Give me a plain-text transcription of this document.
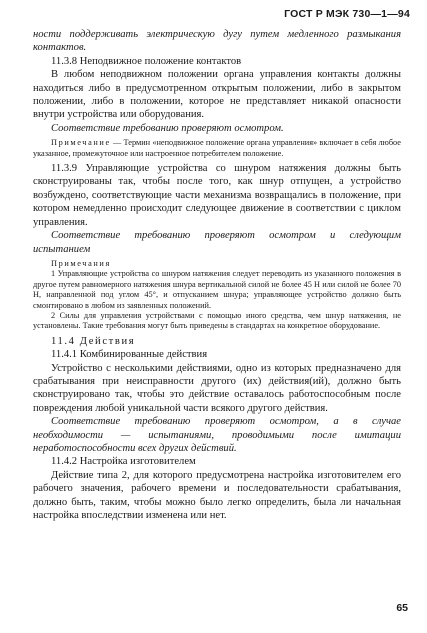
ГОСТ Р МЭК 730—1—94

ности поддерживать электрическую дугу путем медленного размыкания контактов.

11.3.8 Неподвижное положение контактов

В любом неподвижном положении органа управления контакты должны находиться либо в предусмотренном открытым положении, либо в закрытом положении, либо в положении, которое не представляет никакой опасности внутри устройства или оборудования.

Соответствие требованию проверяют осмотром.

Примечание — Термин «неподвижное положение органа управления» включает в себя любое указанное, промежуточное или настроенное потребителем положение.

11.3.9 Управляющие устройства со шнуром натяжения должны быть сконструированы так, чтобы после того, как шнур отпущен, а устройство возбуждено, соответствующие части механизма возвращались в положение, при котором немедленно происходит следующее движение в соответствии с циклом управления.

Соответствие требованию проверяют осмотром и следующим испытанием

Примечания

1 Управляющие устройства со шнуром натяжения следует переводить из указанного положения в другое путем равномерного натяжения шнура вертикальной силой не более 45 Н или силой не более 70 Н, направленной под углом 45°, и отпусканием шнура; управляющее устройство должно быть смонтировано в любом из заявленных положений.

2 Силы для управления устройствами с помощью иного средства, чем шнур натяжения, не установлены. Такие требования могут быть приведены в стандартах на конкретное оборудование.

11.4 Действия

11.4.1 Комбинированные действия

Устройство с несколькими действиями, одно из которых предназначено для срабатывания при неисправности другого (их) действия(ий), должно быть сконструировано так, чтобы это действие оставалось работоспособным после повреждения любой уникальной части всякого другого действия.

Соответствие требованию проверяют осмотром, а в случае необходимости — испытаниями, проводимыми после имитации неработоспособности всех других действий.

11.4.2 Настройка изготовителем

Действие типа 2, для которого предусмотрена настройка изготовителем его рабочего значения, рабочего времени и последовательности срабатывания, должно быть, таким, чтобы можно было легко определить, была ли начальная настройка впоследствии изменена или нет.

65
